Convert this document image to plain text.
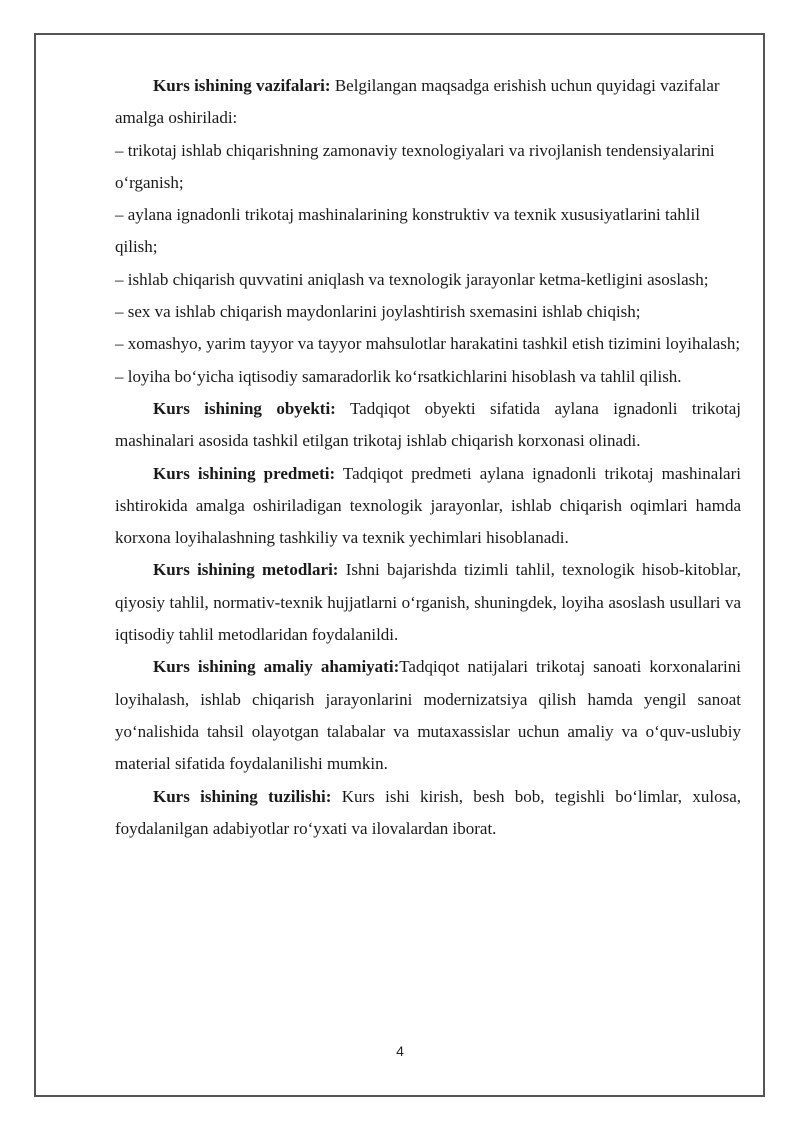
Kurs ishining vazifalari: Belgilangan maqsadga erishish uchun quyidagi vazifalar amalga oshiriladi:

– trikotaj ishlab chiqarishning zamonaviy texnologiyalari va rivojlanish tendensiyalarini oʻrganish;

– aylana ignadonli trikotaj mashinalarining konstruktiv va texnik xususiyatlarini tahlil qilish;

– ishlab chiqarish quvvatini aniqlash va texnologik jarayonlar ketma-ketligini asoslash;

– sex va ishlab chiqarish maydonlarini joylashtirish sxemasini ishlab chiqish;

– xomashyo, yarim tayyor va tayyor mahsulotlar harakatini tashkil etish tizimini loyihalash;

– loyiha boʻyicha iqtisodiy samaradorlik koʻrsatkichlarini hisoblash va tahlil qilish.

Kurs ishining obyekti: Tadqiqot obyekti sifatida aylana ignadonli trikotaj mashinalari asosida tashkil etilgan trikotaj ishlab chiqarish korxonasi olinadi.

Kurs ishining predmeti: Tadqiqot predmeti aylana ignadonli trikotaj mashinalari ishtirokida amalga oshiriladigan texnologik jarayonlar, ishlab chiqarish oqimlari hamda korxona loyihalashning tashkiliy va texnik yechimlari hisoblanadi.

Kurs ishining metodlari: Ishni bajarishda tizimli tahlil, texnologik hisob-kitoblar, qiyosiy tahlil, normativ-texnik hujjatlarni oʻrganish, shuningdek, loyiha asoslash usullari va iqtisodiy tahlil metodlaridan foydalanildi.

Kurs ishining amaliy ahamiyati:Tadqiqot natijalari trikotaj sanoati korxonalarini loyihalash, ishlab chiqarish jarayonlarini modernizatsiya qilish hamda yengil sanoat yoʻnalishida tahsil olayotgan talabalar va mutaxassislar uchun amaliy va oʻquv-uslubiy material sifatida foydalanilishi mumkin.

Kurs ishining tuzilishi: Kurs ishi kirish, besh bob, tegishli boʻlimlar, xulosa, foydalanilgan adabiyotlar roʻyxati va ilovalardan iborat.

4
